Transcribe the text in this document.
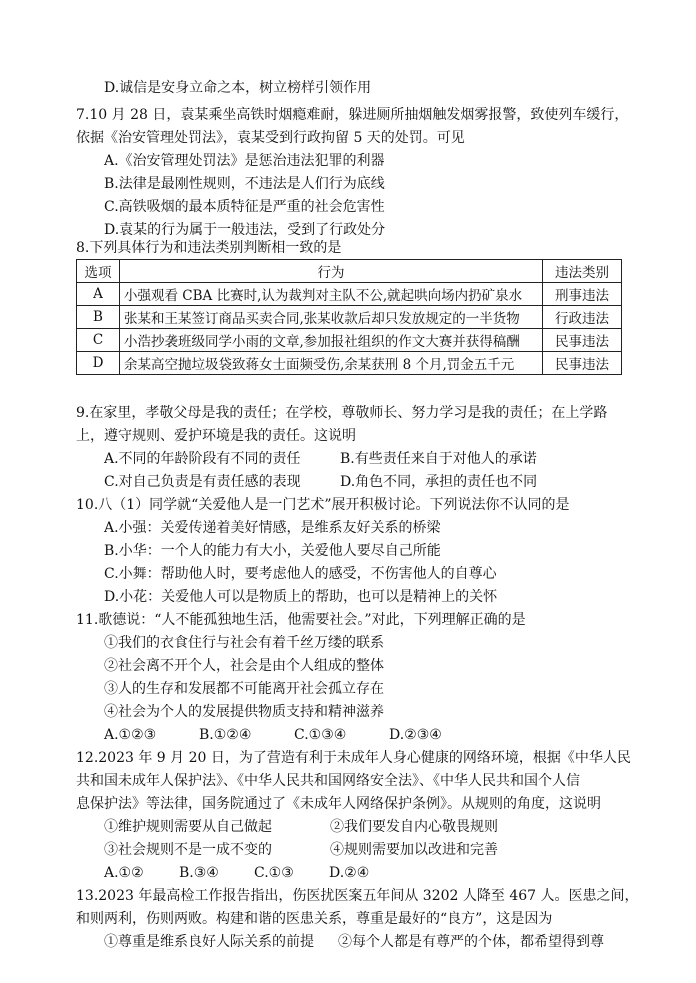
D.诚信是安身立命之本，树立榜样引领作用
7.10 月 28 日，袁某乘坐高铁时烟瘾难耐，躲进厕所抽烟触发烟雾报警，致使列车缓行，
依据《治安管理处罚法》，袁某受到行政拘留 5 天的处罚。可见
A.《治安管理处罚法》是惩治违法犯罪的利器
B.法律是最刚性规则，不违法是人们行为底线
C.高铁吸烟的最本质特征是严重的社会危害性
D.袁某的行为属于一般违法，受到了行政处分
8.下列具体行为和违法类别判断相一致的是
选项	行为	违法类别
A	小强观看 CBA 比赛时,认为裁判对主队不公,就起哄向场内扔矿泉水	刑事违法
B	张某和王某签订商品买卖合同,张某收款后却只发放规定的一半货物	行政违法
C	小浩抄袭班级同学小雨的文章,参加报社组织的作文大赛并获得稿酬	民事违法
D	余某高空抛垃圾袋致蒋女士面频受伤,余某获刑 8 个月,罚金五千元	民事违法
9.在家里，孝敬父母是我的责任；在学校，尊敬师长、努力学习是我的责任；在上学路
上，遵守规则、爱护环境是我的责任。这说明
A.不同的年龄阶段有不同的责任	B.有些责任来自于对他人的承诺
C.对自己负责是有责任感的表现	D.角色不同，承担的责任也不同
10.八（1）同学就“关爱他人是一门艺术”展开积极讨论。下列说法你不认同的是
A.小强：关爱传递着美好情感，是维系友好关系的桥梁
B.小华：一个人的能力有大小，关爱他人要尽自己所能
C.小舞：帮助他人时，要考虑他人的感受，不伤害他人的自尊心
D.小花：关爱他人可以是物质上的帮助，也可以是精神上的关怀
11.歌德说：“人不能孤独地生活，他需要社会。”对此，下列理解正确的是
①我们的衣食住行与社会有着千丝万缕的联系
②社会离不开个人，社会是由个人组成的整体
③人的生存和发展都不可能离开社会孤立存在
④社会为个人的发展提供物质支持和精神滋养
A.①②③	B.①②④	C.①③④	D.②③④
12.2023 年 9 月 20 日，为了营造有利于未成年人身心健康的网络环境，根据《中华人民
共和国未成年人保护法》、《中华人民共和国网络安全法》、《中华人民共和国个人信
息保护法》等法律，国务院通过了《未成年人网络保护条例》。从规则的角度，这说明
①维护规则需要从自己做起	②我们要发自内心敬畏规则
③社会规则不是一成不变的	④规则需要加以改进和完善
A.①②	B.③④	C.①③	D.②④
13.2023 年最高检工作报告指出，伤医扰医案五年间从 3202 人降至 467 人。医患之间，
和则两利，伤则两败。构建和谐的医患关系，尊重是最好的“良方”，这是因为
①尊重是维系良好人际关系的前提 ②每个人都是有尊严的个体，都希望得到尊
